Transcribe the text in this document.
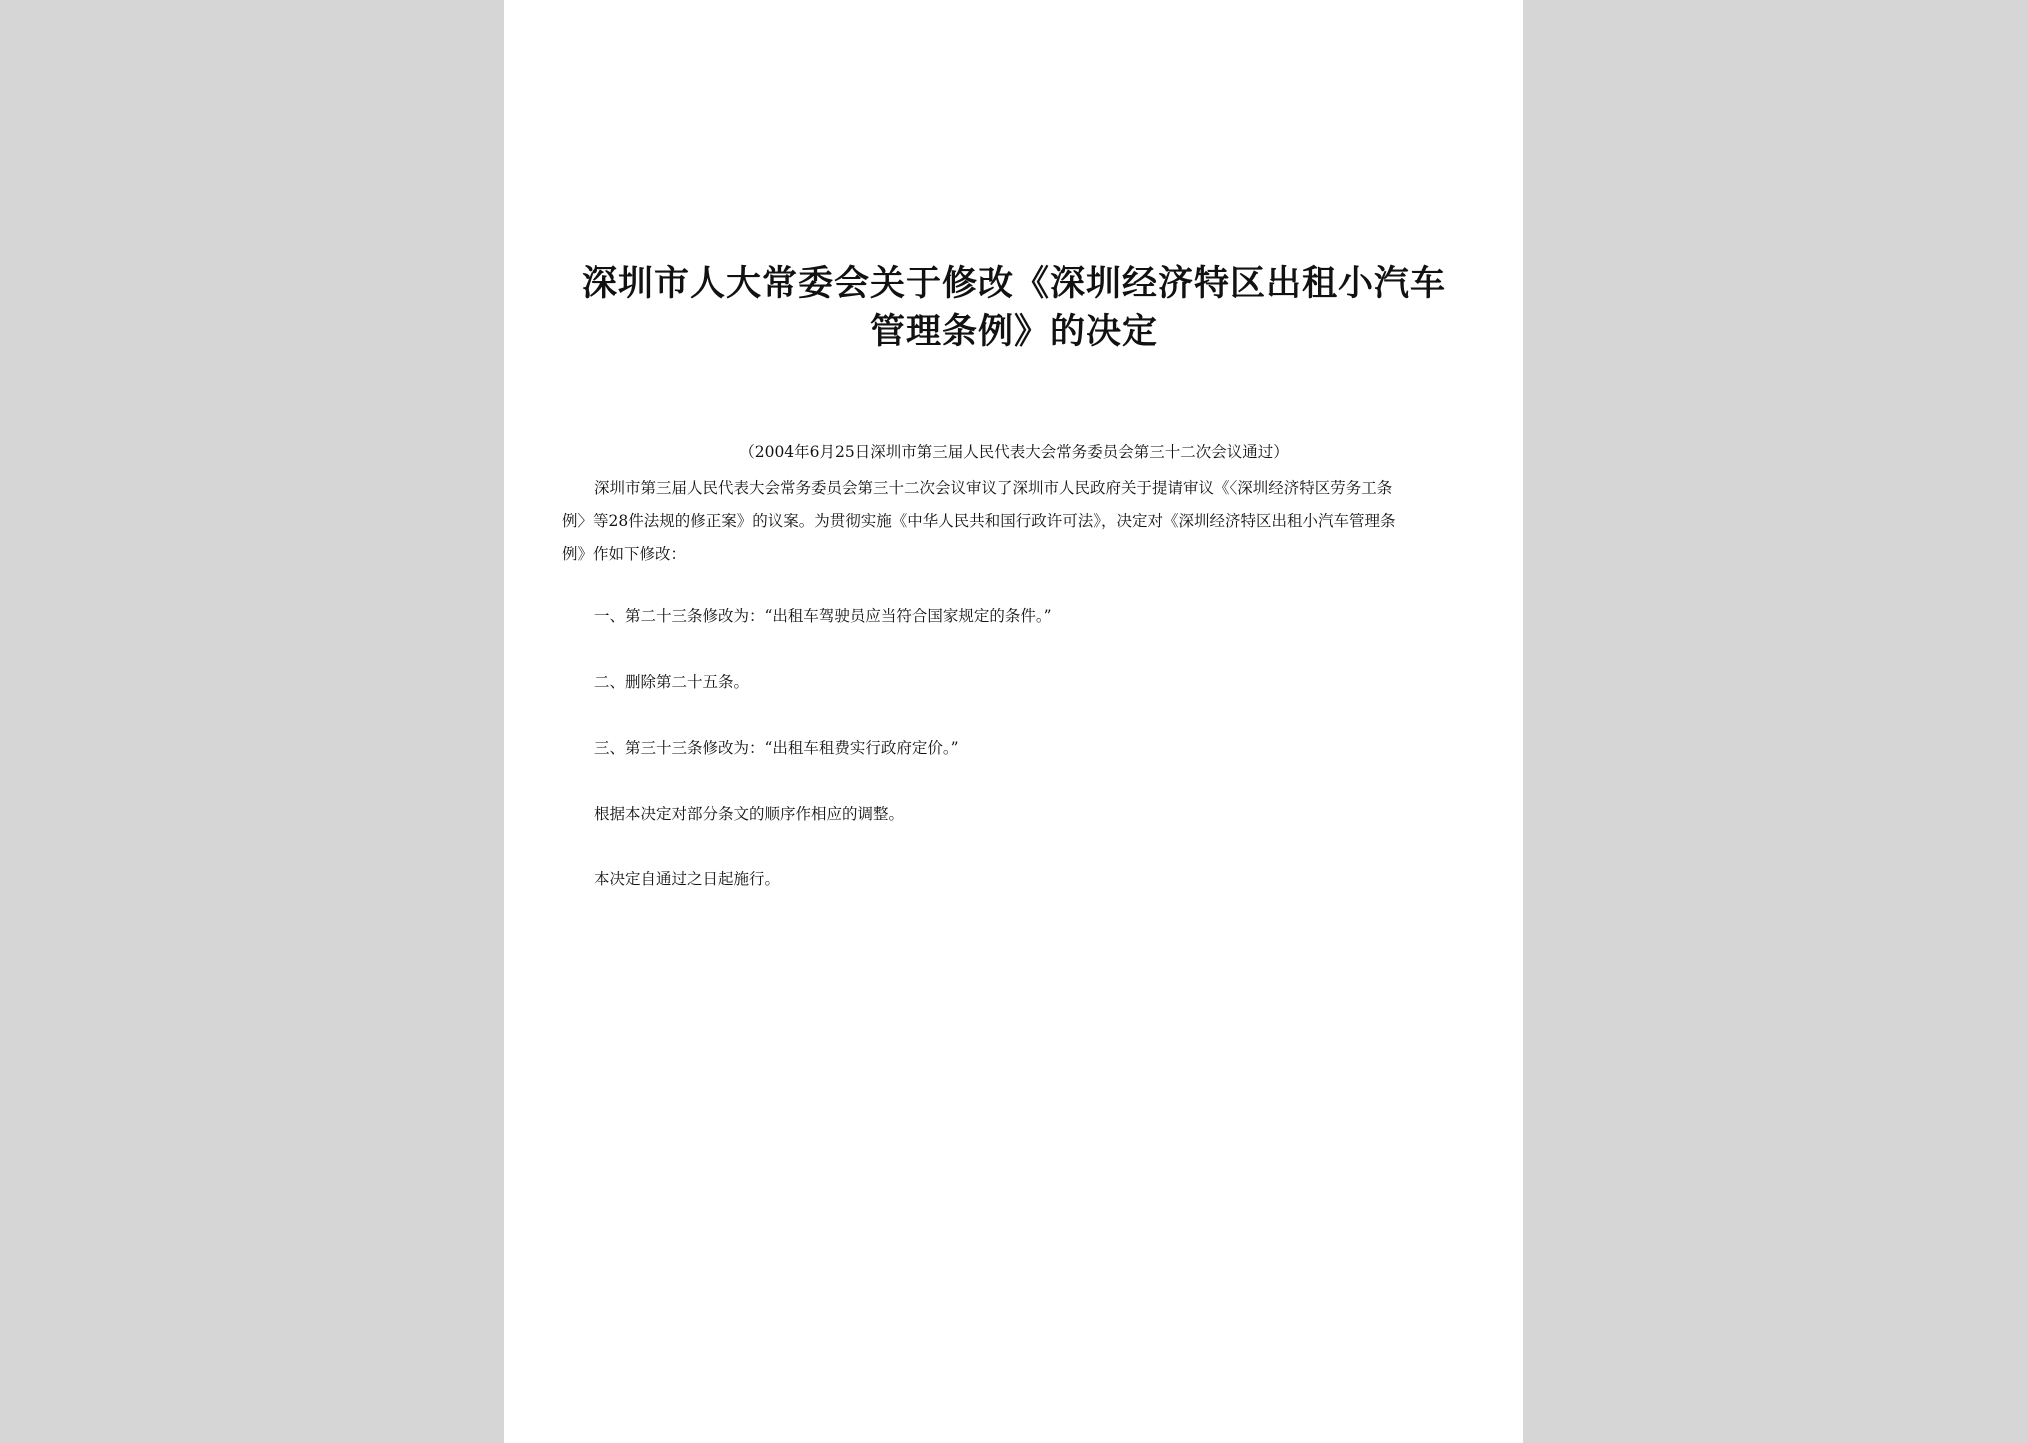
深圳市人大常委会关于修改《深圳经济特区出租小汽车
管理条例》的决定
（2004年6月25日深圳市第三届人民代表大会常务委员会第三十二次会议通过）
深圳市第三届人民代表大会常务委员会第三十二次会议审议了深圳市人民政府关于提请审议《〈深圳经济特区劳务工条
例〉等28件法规的修正案》的议案。为贯彻实施《中华人民共和国行政许可法》，决定对《深圳经济特区出租小汽车管理条
例》作如下修改：
一、第二十三条修改为：“出租车驾驶员应当符合国家规定的条件。”
二、删除第二十五条。
三、第三十三条修改为：“出租车租费实行政府定价。”
根据本决定对部分条文的顺序作相应的调整。
本决定自通过之日起施行。
